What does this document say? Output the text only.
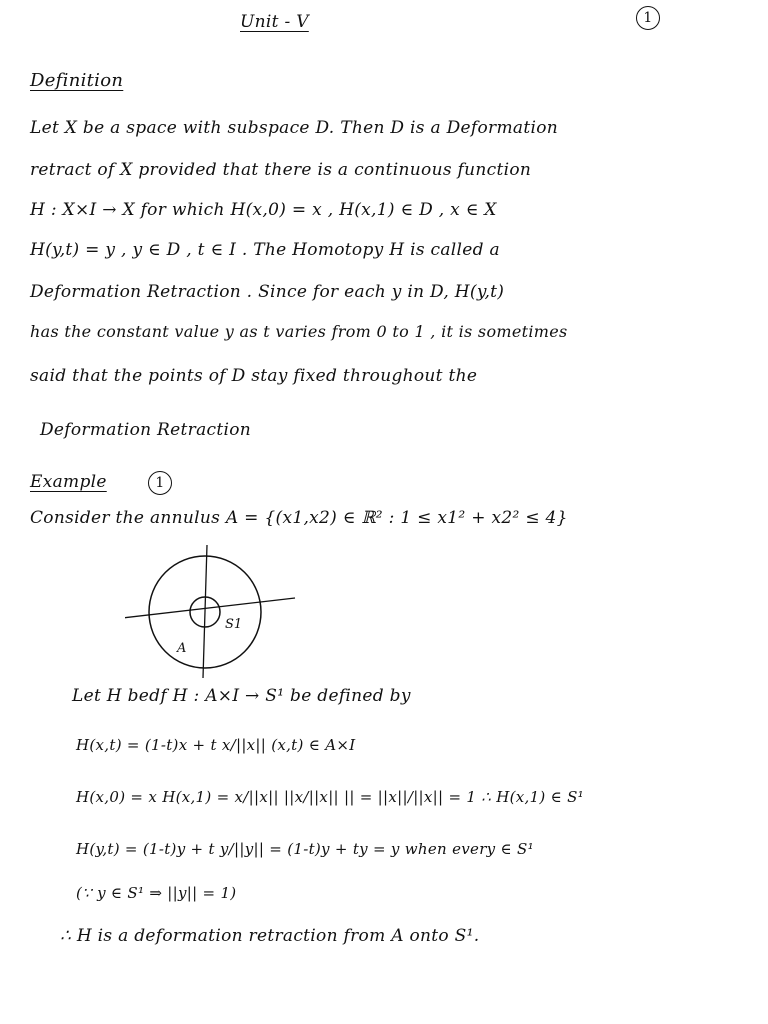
Unit - V	1
Definition
Let X be a space with subspace D. Then D is a Deformation
retract of X provided that there is a continuous function
H : X×I → X for which H(x,0) = x , H(x,1) ∈ D , x ∈ X
H(y,t) = y , y ∈ D , t ∈ I . The Homotopy H is called a
Deformation Retraction . Since for each y in D, H(y,t)
has the constant value y as t varies from 0 to 1 , it is sometimes
said that the points of D stay fixed throughout the
Deformation Retraction
Example	1
Consider the annulus A = {(x1,x2) ∈ ℝ² : 1 ≤ x1² + x2² ≤ 4}
S1
A
Let H bedf H : A×I → S¹ be defined by
H(x,t) = (1-t)x + t x/||x|| (x,t) ∈ A×I
H(x,0) = x H(x,1) = x/||x|| ||x/||x|| || = ||x||/||x|| = 1 ∴ H(x,1) ∈ S¹
H(y,t) = (1-t)y + t y/||y|| = (1-t)y + ty = y when every ∈ S¹
(∵ y ∈ S¹ ⇒ ||y|| = 1)
∴ H is a deformation retraction from A onto S¹.
